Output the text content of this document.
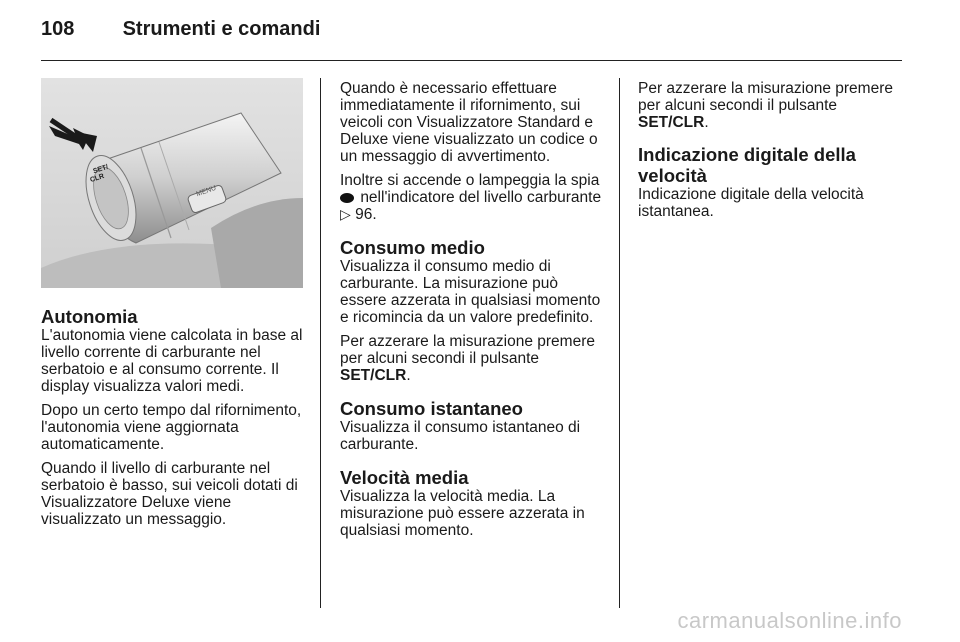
108 Strumenti e comandi
SET/
CLR
MENU
Autonomia

L'autonomia viene calcolata in base al livello corrente di carburante nel serbatoio e al consumo corrente. Il display visualizza valori medi.

Dopo un certo tempo dal rifornimento, l'autonomia viene aggiornata automaticamente.

Quando il livello di carburante nel serbatoio è basso, sui veicoli dotati di Visualizzatore Deluxe viene visualizzato un messaggio.

Quando è necessario effettuare immediatamente il rifornimento, sui veicoli con Visualizzatore Standard e Deluxe viene visualizzato un codice o un messaggio di avvertimento.

Inoltre si accende o lampeggia la spia  nell'indicatore del livello carburante ▷ 96.

Consumo medio

Visualizza il consumo medio di carburante. La misurazione può essere azzerata in qualsiasi momento e ricomincia da un valore predefinito.

Per azzerare la misurazione premere per alcuni secondi il pulsante SET/CLR.

Consumo istantaneo

Visualizza il consumo istantaneo di carburante.

Velocità media

Visualizza la velocità media. La misurazione può essere azzerata in qualsiasi momento.

Per azzerare la misurazione premere per alcuni secondi il pulsante SET/CLR.

Indicazione digitale della velocità

Indicazione digitale della velocità istantanea.

carmanualsonline.info
